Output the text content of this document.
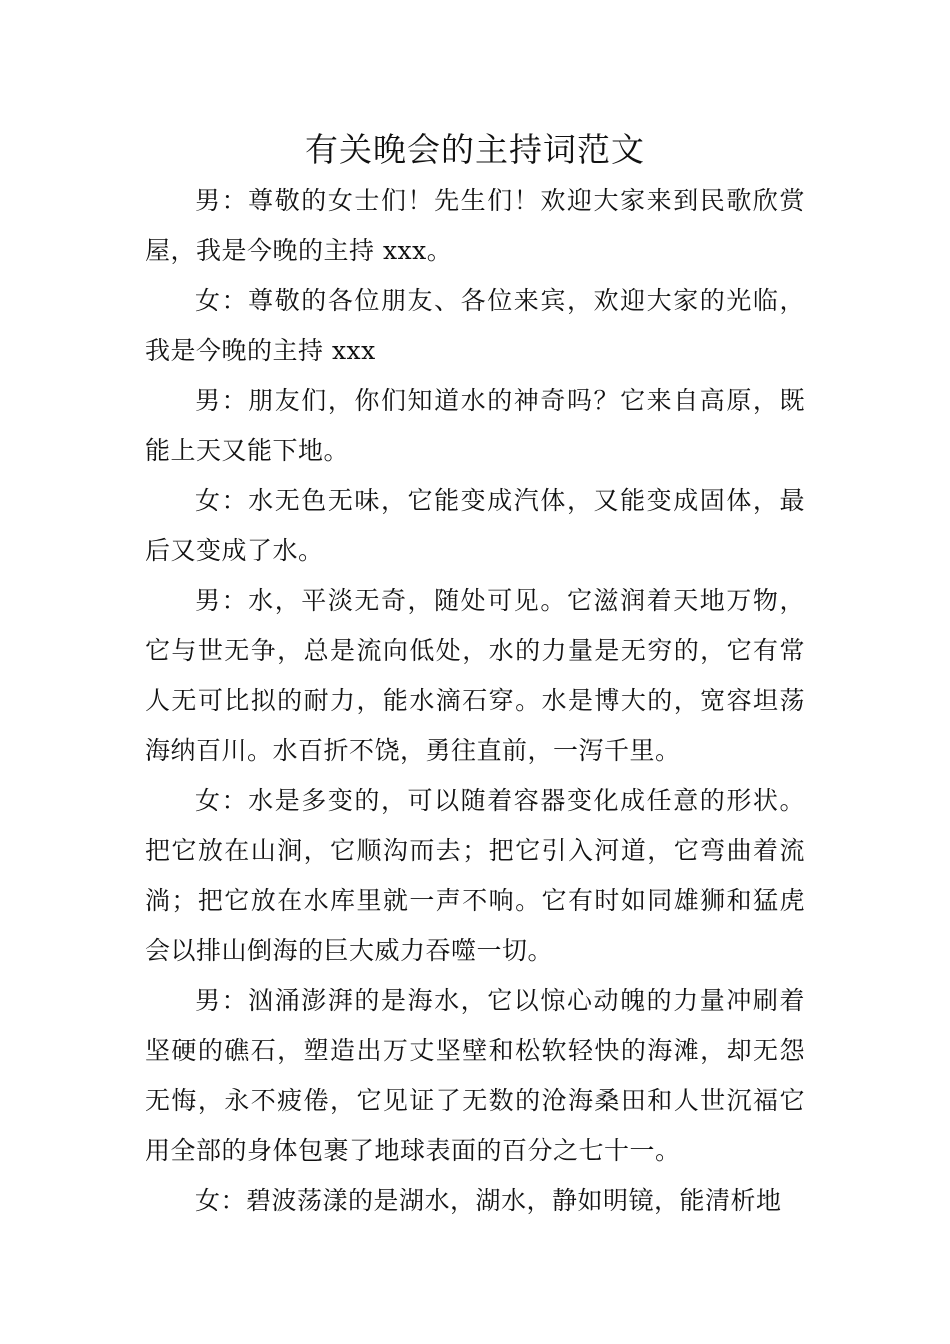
有关晚会的主持词范文

男：尊敬的女士们！先生们！欢迎大家来到民歌欣赏屋，我是今晚的主持 xxx。

女：尊敬的各位朋友、各位来宾，欢迎大家的光临，我是今晚的主持 xxx

男：朋友们，你们知道水的神奇吗？它来自高原，既能上天又能下地。

女：水无色无味，它能变成汽体，又能变成固体，最后又变成了水。

男：水，平淡无奇，随处可见。它滋润着天地万物，它与世无争，总是流向低处，水的力量是无穷的，它有常人无可比拟的耐力，能水滴石穿。水是博大的，宽容坦荡海纳百川。水百折不饶，勇往直前，一泻千里。

女：水是多变的，可以随着容器变化成任意的形状。把它放在山涧，它顺沟而去；把它引入河道，它弯曲着流淌；把它放在水库里就一声不响。它有时如同雄狮和猛虎会以排山倒海的巨大威力吞噬一切。

男：汹涌澎湃的是海水，它以惊心动魄的力量冲刷着坚硬的礁石，塑造出万丈坚壁和松软轻快的海滩，却无怨无悔，永不疲倦，它见证了无数的沧海桑田和人世沉福它用全部的身体包裹了地球表面的百分之七十一。

女：碧波荡漾的是湖水，湖水，静如明镜，能清析地
